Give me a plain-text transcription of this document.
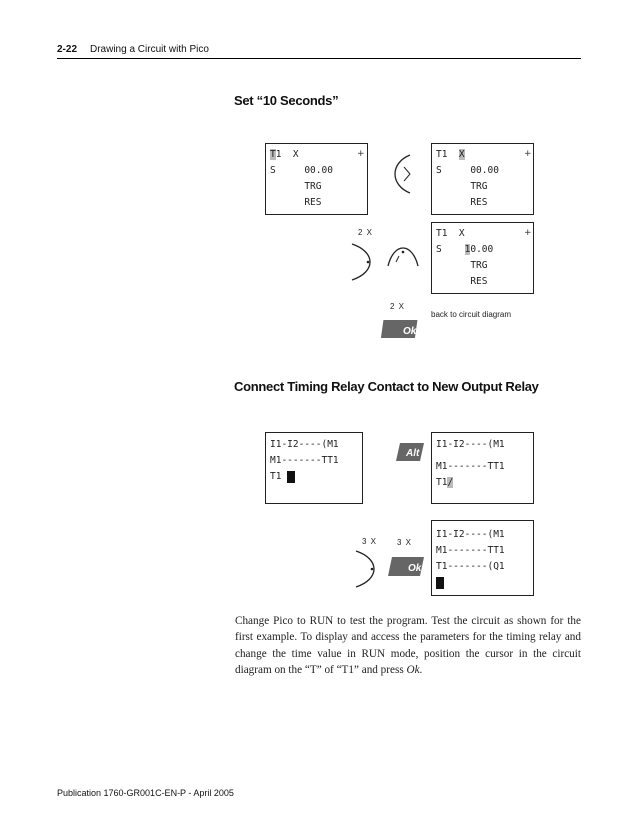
2-22 Drawing a Circuit with Pico
Set “10 Seconds”
T1  X
S     00.00
TRG
RES
+	T1  X
S     00.00
TRG
RES
+
2 X	T1  X
S    10.00
TRG
RES
+
2 X
Ok
back to circuit diagram
Connect Timing Relay Contact to New Output Relay
I1-I2----(M1
M1-------TT1
T1
Alt
I1-I2----(M1
M1-------TT1
T1/
3 X 3 X
Ok
I1-I2----(M1
M1-------TT1
T1-------(Q1
Change Pico to RUN to test the program. Test the circuit as shown for the first example. To display and access the parameters for the timing relay and change the time value in RUN mode, position the cursor in the circuit diagram on the “T” of “T1” and press Ok.
Publication 1760-GR001C-EN-P - April 2005
